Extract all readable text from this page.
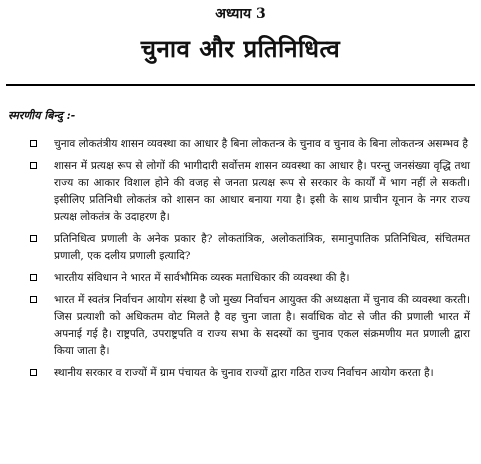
अध्याय 3
चुनाव और प्रतिनिधित्व
स्मरणीय बिन्दु :-
चुनाव लोकतंत्रीय शासन व्यवस्था का आधार है बिना लोकतन्त्र के चुनाव व चुनाव के बिना लोकतन्त्र असम्भव है
शासन में प्रत्यक्ष रूप से लोगों की भागीदारी सर्वोत्तम शासन व्यवस्था का आधार है। परन्तु जनसंख्या वृद्धि तथा राज्य का आकार विशाल होने की वजह से जनता प्रत्यक्ष रूप से सरकार के कार्यों में भाग नहीं ले सकती। इसीलिए प्रतिनिधी लोकतंत्र को शासन का आधार बनाया गया है। इसी के साथ प्राचीन यूनान के नगर राज्य प्रत्यक्ष लोकतंत्र के उदाहरण है।
प्रतिनिधित्व प्रणाली के अनेक प्रकार है? लोकतांत्रिक, अलोकतांत्रिक, समानुपातिक प्रतिनिधित्व, संचितमत प्रणाली, एक दलीय प्रणाली इत्यादि?
भारतीय संविधान ने भारत में सार्वभौमिक व्यस्क मताधिकार की व्यवस्था की है।
भारत में स्वतंत्र निर्वाचन आयोग संस्था है जो मुख्य निर्वाचन आयुक्त की अध्यक्षता में चुनाव की व्यवस्था करती। जिस प्रत्याशी को अधिकतम वोट मिलते है वह चुना जाता है। सर्वाधिक वोट से जीत की प्रणाली भारत में अपनाई गई है। राष्ट्रपति, उपराष्ट्रपति व राज्य सभा के सदस्यों का चुनाव एकल संक्रमणीय मत प्रणाली द्वारा किया जाता है।
स्थानीय सरकार व राज्यों में ग्राम पंचायत के चुनाव राज्यों द्वारा गठित राज्य निर्वाचन आयोग करता है।
